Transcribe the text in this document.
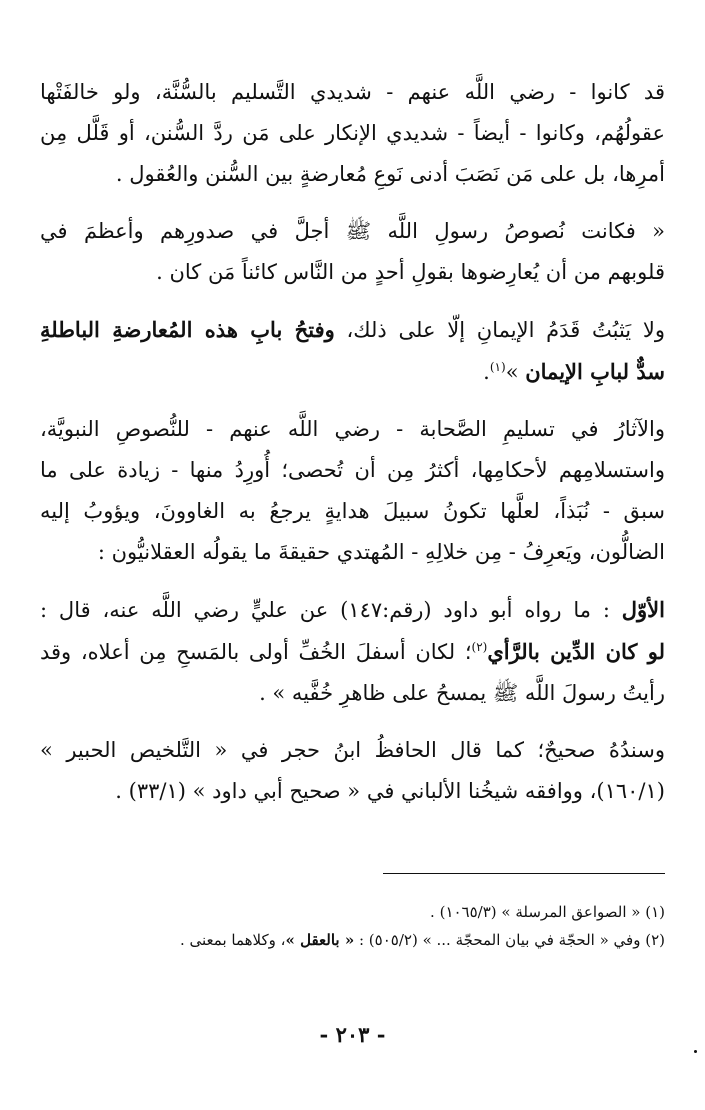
قد كانوا - رضي اللَّه عنهم - شديدي التَّسليم بالسُّنَّة، ولو خالفَتْها
عقولُهُم، وكانوا - أيضاً - شديدي الإنكار على مَن ردَّ السُّنن، أو قَلَّل مِن
أمرِها، بل على مَن نَصَبَ أدنى نَوعِ مُعارضةٍ بين السُّنن والعُقول .

« فكانت نُصوصُ رسولِ اللَّه ﷺ أجلَّ في صدورِهم وأعظمَ في
قلوبهم من أن يُعارِضوها بقولِ أحدٍ من النَّاس كائناً مَن كان .

ولا يَثبُتُ قَدَمُ الإيمانِ إلّا على ذلك، وفتحُ بابِ هذه المُعارضةِ الباطلةِ
سدٌّ لبابِ الإيمان »$^{(١)}$.

والآثارُ في تسليمِ الصَّحابة - رضي اللَّه عنهم - للنُّصوصِ النبويَّة،
واستسلامِهم لأحكامِها، أكثرُ مِن أن تُحصى؛ أُورِدُ منها - زيادة على ما
سبق - نُبَذاً، لعلَّها تكونُ سبيلَ هدايةٍ يرجعُ به الغاوونَ، ويؤوبُ إليه
الضالُّون، ويَعرِفُ - مِن خلالِهِ - المُهتدي حقيقةَ ما يقولُه العقلانيُّون :

الأوّل : ما رواه أبو داود (رقم:١٤٧) عن عليٍّ رضي اللَّه عنه، قال :
لو كان الدِّين بالرَّأي$^{(٢)}$؛ لكان أسفلَ الخُفِّ أولى بالمَسحِ مِن أعلاه، وقد
رأيتُ رسولَ اللَّه ﷺ يمسحُ على ظاهرِ خُفَّيه » .

وسندُهُ صحيحٌ؛ كما قال الحافظُ ابنُ حجر في « التَّلخيص الحبير »
(١٦٠/١)، ووافقه شيخُنا الألباني في « صحيح أبي داود » (٣٣/١) .

(١) « الصواعق المرسلة » (١٠٦٥/٣) .
(٢) وفي « الحجّة في بيان المحجّة ... » (٥٠٥/٢) : « بالعقل »، وكلاهما بمعنى .
- ٢٠٣ -
